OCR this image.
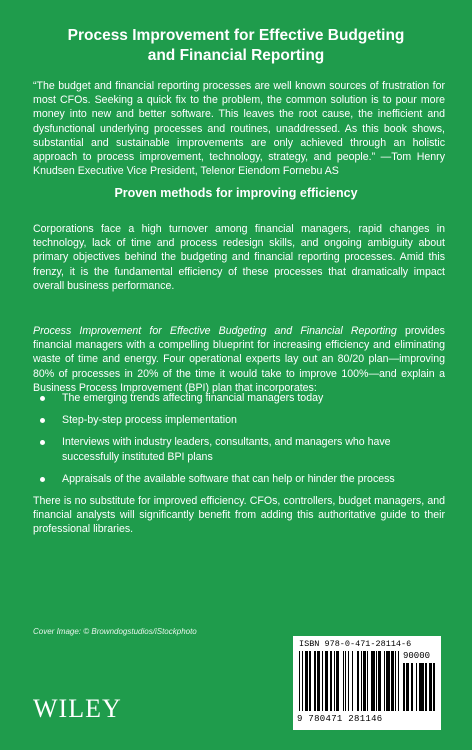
Process Improvement for Effective Budgeting
and Financial Reporting

“The budget and financial reporting processes are well known sources of frustration for most CFOs. Seeking a quick fix to the problem, the common solution is to pour more money into new and better software. This leaves the root cause, the inefficient and dysfunctional underlying processes and routines, unaddressed. As this book shows, substantial and sustainable improvements are only achieved through an holistic approach to process improvement, technology, strategy, and people.” —Tom Henry Knudsen Executive Vice President, Telenor Eiendom Fornebu AS

Proven methods for improving efficiency

Corporations face a high turnover among financial managers, rapid changes in technology, lack of time and process redesign skills, and ongoing ambiguity about primary objectives behind the budgeting and financial reporting processes. Amid this frenzy, it is the fundamental efficiency of these processes that dramatically impact overall business performance.

Process Improvement for Effective Budgeting and Financial Reporting provides financial managers with a compelling blueprint for increasing efficiency and eliminating waste of time and energy. Four operational experts lay out an 80/20 plan—improving 80% of processes in 20% of the time it would take to improve 100%—and explain a Business Process Improvement (BPI) plan that incorporates:

The emerging trends affecting financial managers today
Step-by-step process implementation
Interviews with industry leaders, consultants, and managers who have successfully instituted BPI plans
Appraisals of the available software that can help or hinder the process

There is no substitute for improved efficiency. CFOs, controllers, budget managers, and financial analysts will significantly benefit from adding this authoritative guide to their professional libraries.

Cover Image: © Browndogstudios/iStockphoto
WILEY
ISBN 978-0-471-28114-6
90000
9 780471 281146
